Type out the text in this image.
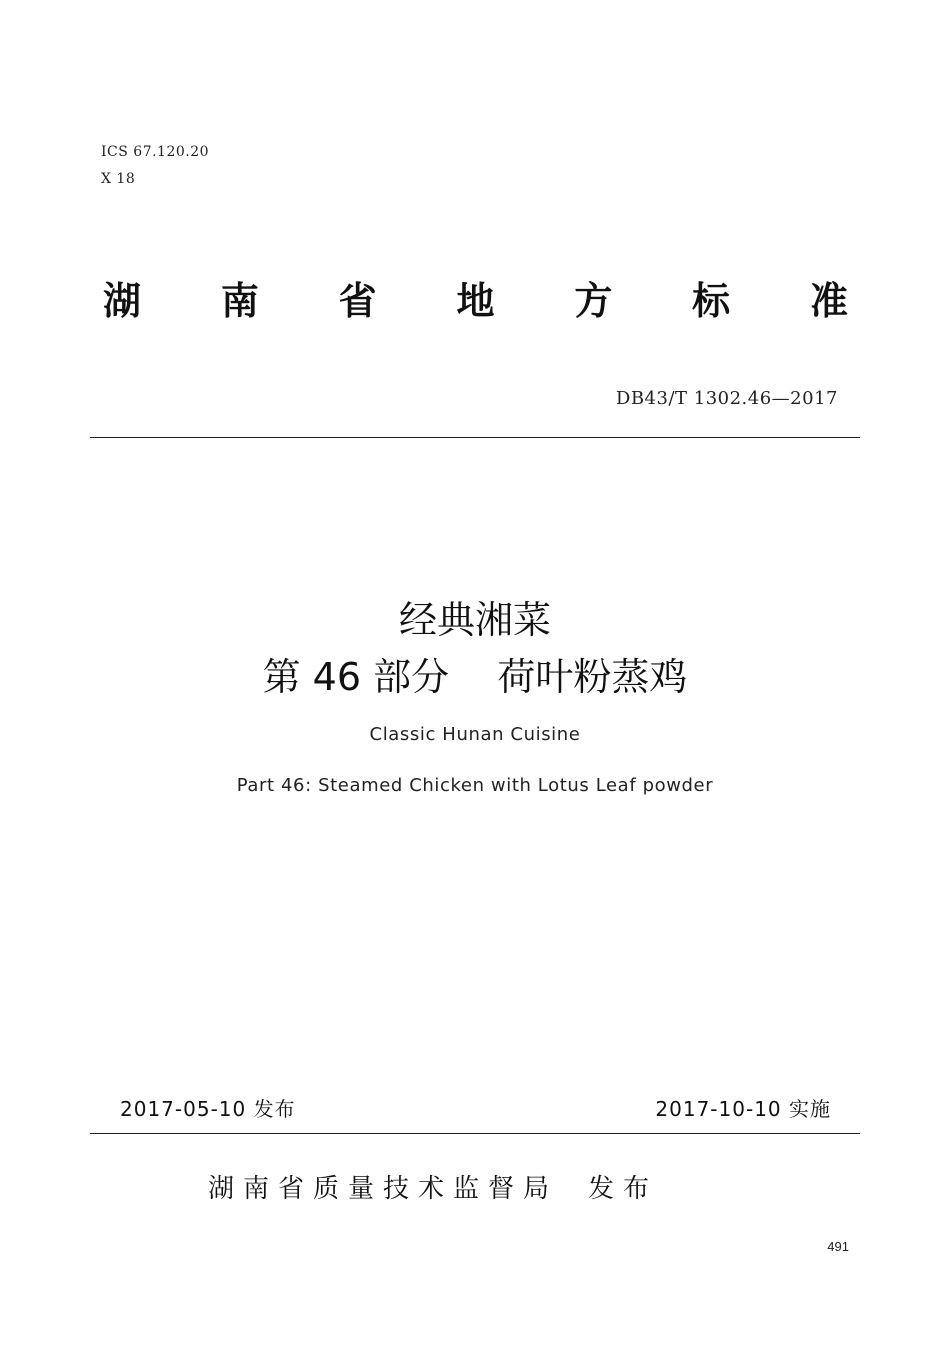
ICS 67.120.20
X 18
湖 南 省 地 方 标 准
DB43/T 1302.46—2017
经典湘菜
第 46 部分    荷叶粉蒸鸡
Classic Hunan Cuisine
Part 46: Steamed Chicken with Lotus Leaf powder
2017-05-10 发布	2017-10-10 实施
湖南省质量技术监督局 发布
491
